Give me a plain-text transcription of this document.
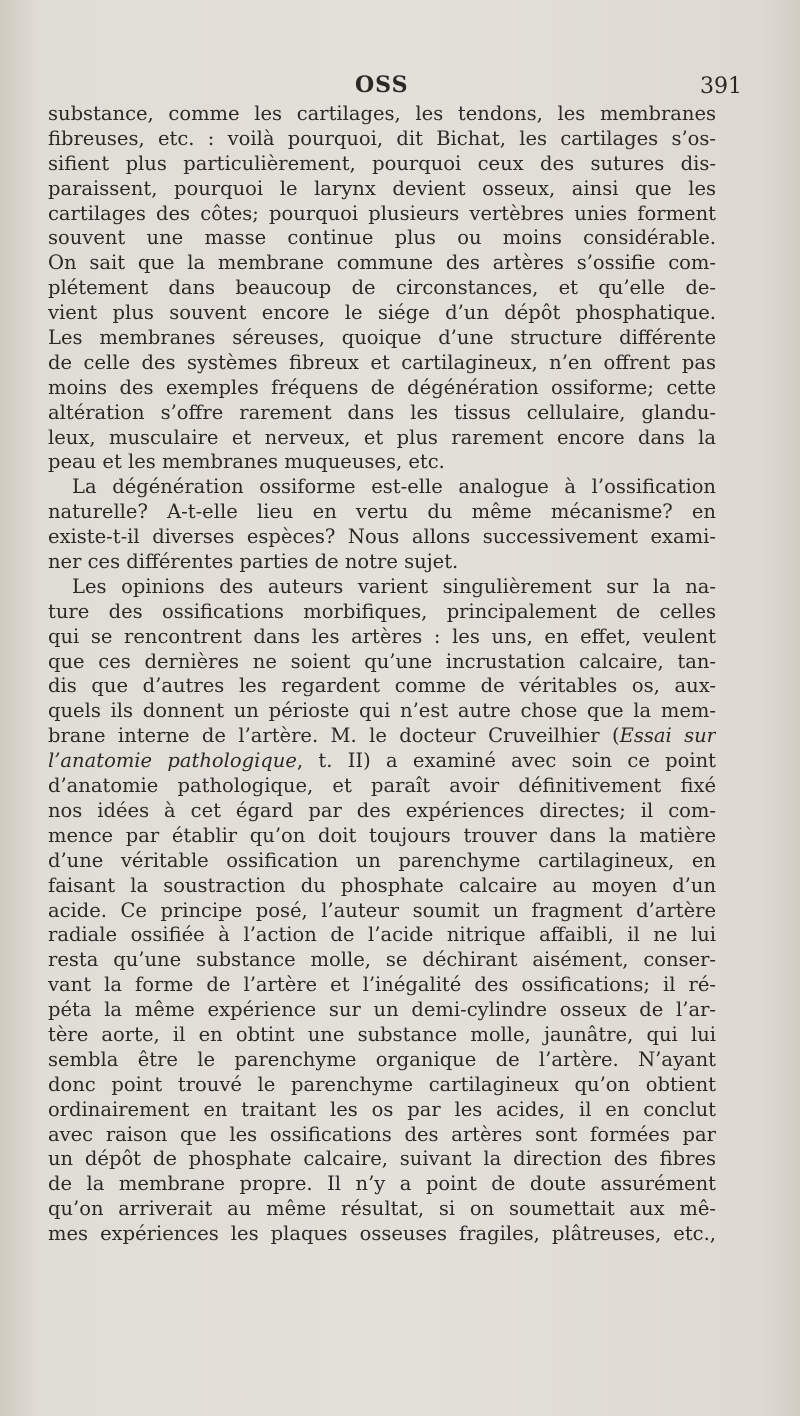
OSS	391
substance, comme les cartilages, les tendons, les membranes
fibreuses, etc. : voilà pourquoi, dit Bichat, les cartilages s’os-
sifient plus particulièrement, pourquoi ceux des sutures dis-
paraissent, pourquoi le larynx devient osseux, ainsi que les
cartilages des côtes; pourquoi plusieurs vertèbres unies forment
souvent une masse continue plus ou moins considérable.
On sait que la membrane commune des artères s’ossifie com-
plétement dans beaucoup de circonstances, et qu’elle de-
vient plus souvent encore le siége d’un dépôt phosphatique.
Les membranes séreuses, quoique d’une structure différente
de celle des systèmes fibreux et cartilagineux, n’en offrent pas
moins des exemples fréquens de dégénération ossiforme; cette
altération s’offre rarement dans les tissus cellulaire, glandu-
leux, musculaire et nerveux, et plus rarement encore dans la
peau et les membranes muqueuses, etc.
La dégénération ossiforme est-elle analogue à l’ossification
naturelle? A-t-elle lieu en vertu du même mécanisme? en
existe-t-il diverses espèces? Nous allons successivement exami-
ner ces différentes parties de notre sujet.
Les opinions des auteurs varient singulièrement sur la na-
ture des ossifications morbifiques, principalement de celles
qui se rencontrent dans les artères : les uns, en effet, veulent
que ces dernières ne soient qu’une incrustation calcaire, tan-
dis que d’autres les regardent comme de véritables os, aux-
quels ils donnent un périoste qui n’est autre chose que la mem-
brane interne de l’artère. M. le docteur Cruveilhier (Essai sur
l’anatomie pathologique, t. II) a examiné avec soin ce point
d’anatomie pathologique, et paraît avoir définitivement fixé
nos idées à cet égard par des expériences directes; il com-
mence par établir qu’on doit toujours trouver dans la matière
d’une véritable ossification un parenchyme cartilagineux, en
faisant la soustraction du phosphate calcaire au moyen d’un
acide. Ce principe posé, l’auteur soumit un fragment d’artère
radiale ossifiée à l’action de l’acide nitrique affaibli, il ne lui
resta qu’une substance molle, se déchirant aisément, conser-
vant la forme de l’artère et l’inégalité des ossifications; il ré-
péta la même expérience sur un demi-cylindre osseux de l’ar-
tère aorte, il en obtint une substance molle, jaunâtre, qui lui
sembla être le parenchyme organique de l’artère. N’ayant
donc point trouvé le parenchyme cartilagineux qu’on obtient
ordinairement en traitant les os par les acides, il en conclut
avec raison que les ossifications des artères sont formées par
un dépôt de phosphate calcaire, suivant la direction des fibres
de la membrane propre. Il n’y a point de doute assurément
qu’on arriverait au même résultat, si on soumettait aux mê-
mes expériences les plaques osseuses fragiles, plâtreuses, etc.,
